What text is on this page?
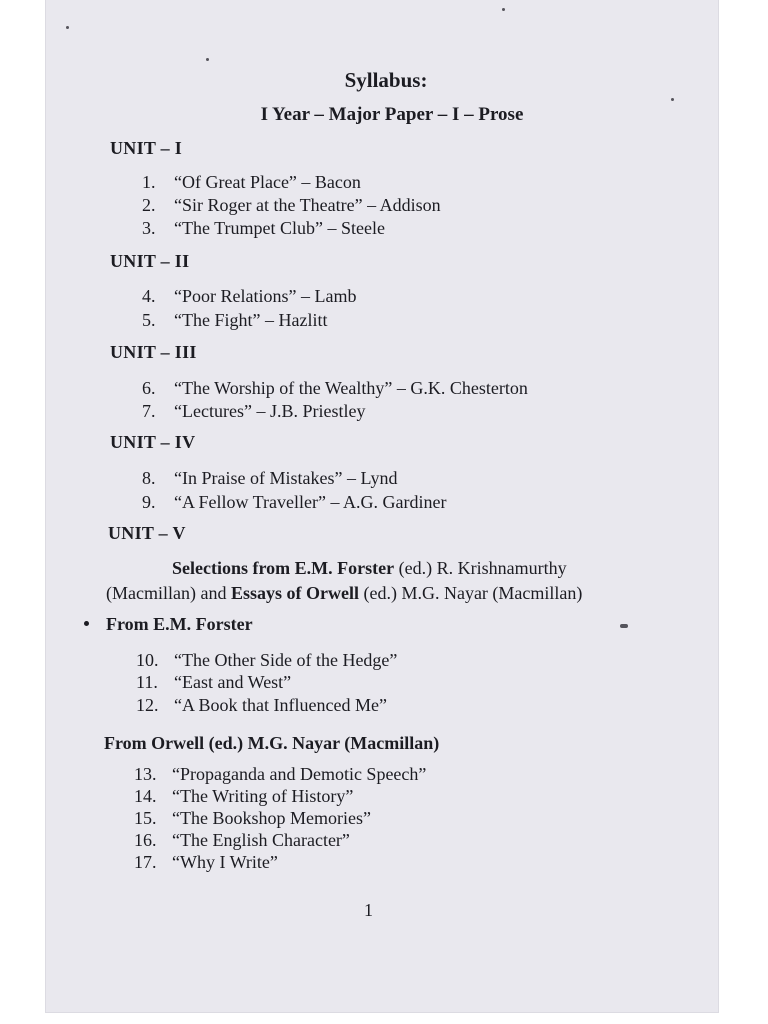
Syllabus:
I Year – Major Paper – I – Prose
UNIT – I
1. “Of Great Place” – Bacon
2. “Sir Roger at the Theatre” – Addison
3. “The Trumpet Club” – Steele
UNIT – II
4. “Poor Relations” – Lamb
5. “The Fight” – Hazlitt
UNIT – III
6. “The Worship of the Wealthy” – G.K. Chesterton
7. “Lectures” – J.B. Priestley
UNIT – IV
8. “In Praise of Mistakes” – Lynd
9. “A Fellow Traveller” – A.G. Gardiner
UNIT – V
Selections from E.M. Forster (ed.) R. Krishnamurthy
(Macmillan) and Essays of Orwell (ed.) M.G. Nayar (Macmillan)
From E.M. Forster
10. “The Other Side of the Hedge”
11. “East and West”
12. “A Book that Influenced Me”
From Orwell (ed.) M.G. Nayar (Macmillan)
13. “Propaganda and Demotic Speech”
14. “The Writing of History”
15. “The Bookshop Memories”
16. “The English Character”
17. “Why I Write”
1
